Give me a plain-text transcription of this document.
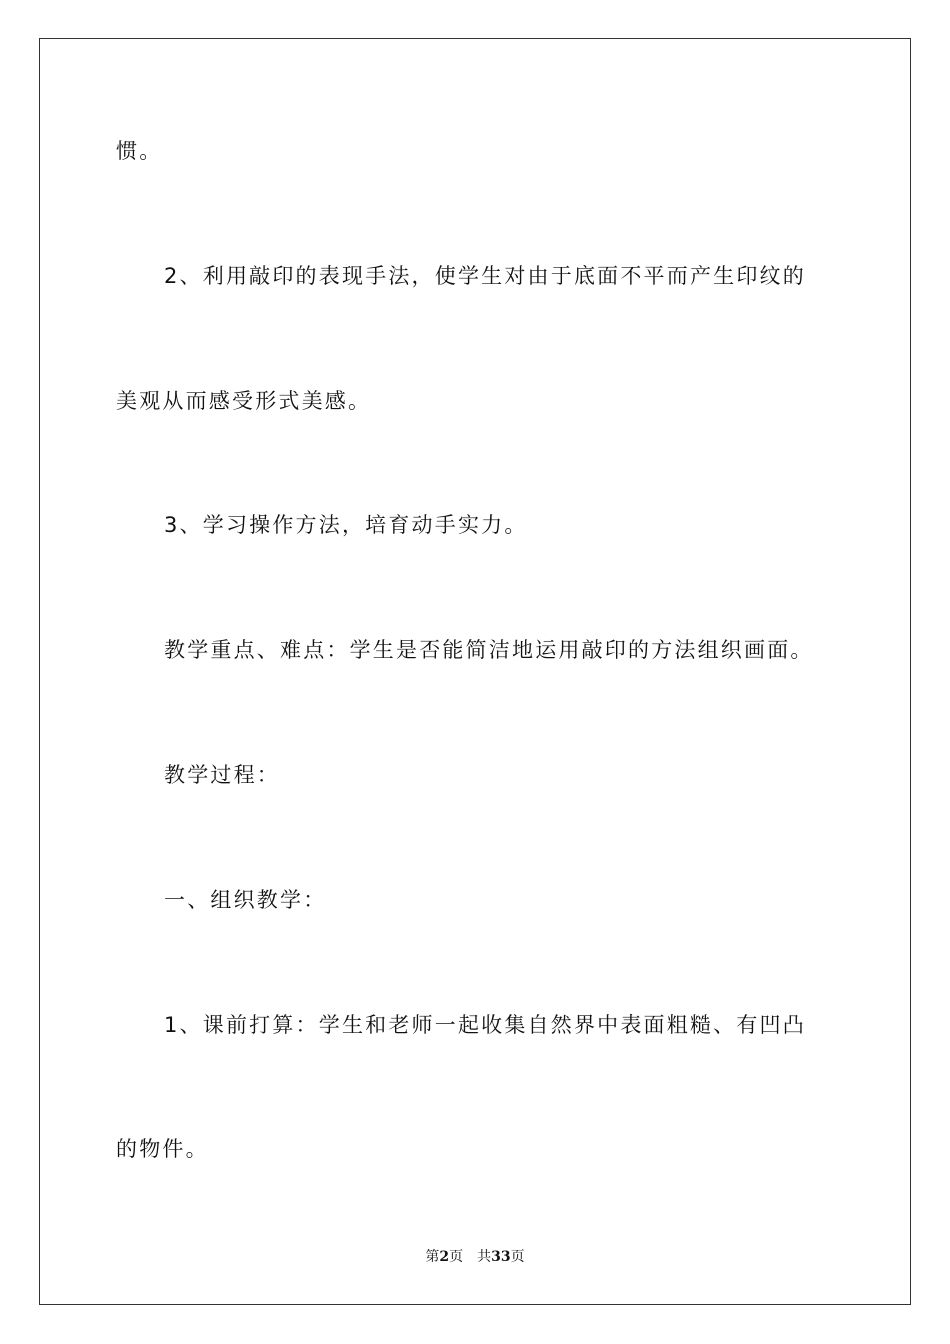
惯。
2、利用敲印的表现手法，使学生对由于底面不平而产生印纹的
美观从而感受形式美感。
3、学习操作方法，培育动手实力。
教学重点、难点：学生是否能简洁地运用敲印的方法组织画面。
教学过程：
一、组织教学：
1、课前打算：学生和老师一起收集自然界中表面粗糙、有凹凸
的物件。
第2页 共33页
